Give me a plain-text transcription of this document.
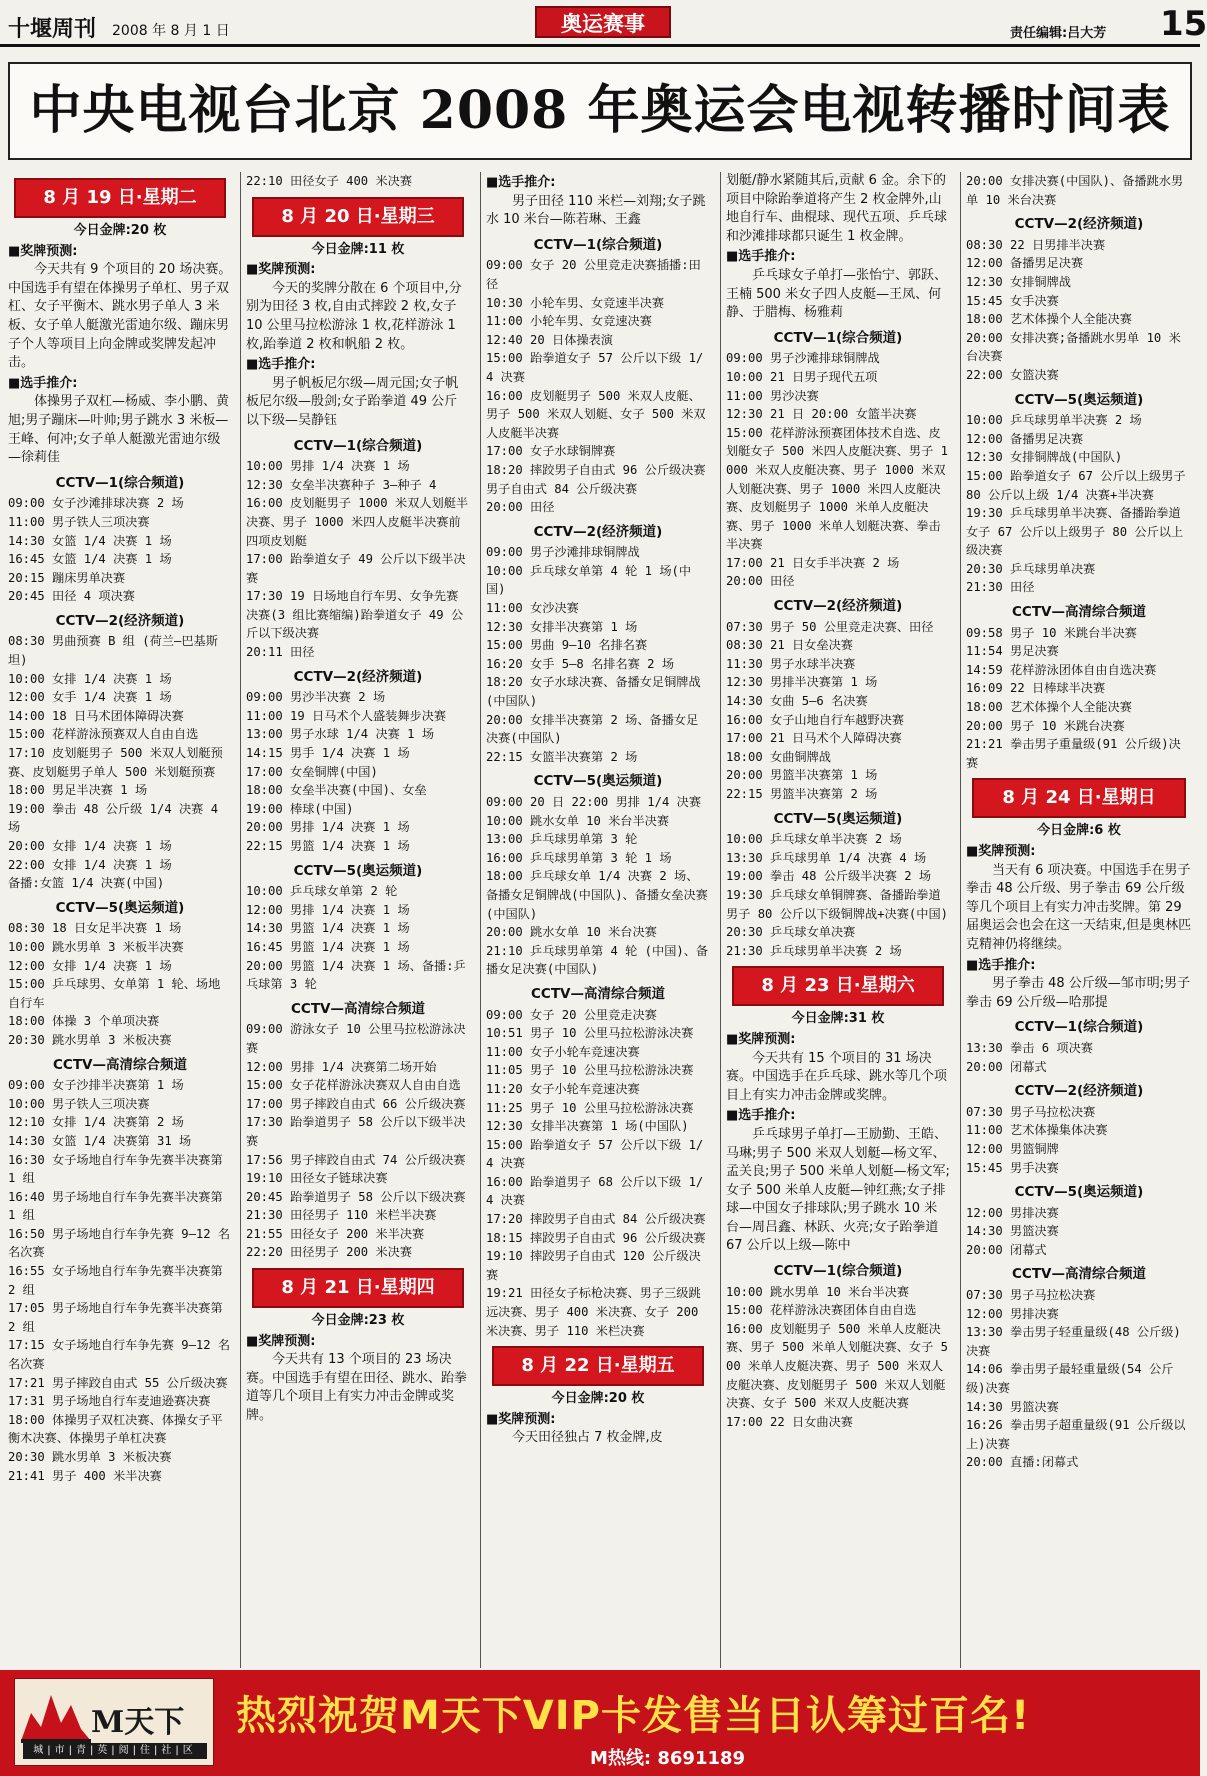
十堰周刊 2008 年 8 月 1 日	奥运赛事	责任编辑:吕大芳 15
中央电视台北京 2008 年奥运会电视转播时间表
8 月 19 日·星期二
今日金牌:20 枚
■奖牌预测:
今天共有 9 个项目的 20 场决赛。中国选手有望在体操男子单杠、男子双杠、女子平衡木、跳水男子单人 3 米板、女子单人艇激光雷迪尔级、蹦床男子个人等项目上向金牌或奖牌发起冲击。
■选手推介:
体操男子双杠—杨威、李小鹏、黄旭;男子蹦床—叶帅;男子跳水 3 米板—王峰、何冲;女子单人艇激光雷迪尔级—徐莉佳
CCTV—1(综合频道)
09:00 女子沙滩排球决赛 2 场
11:00 男子铁人三项决赛
14:30 女篮 1/4 决赛 1 场
16:45 女篮 1/4 决赛 1 场
20:15 蹦床男单决赛
20:45 田径 4 项决赛
CCTV—2(经济频道)
08:30 男曲预赛 B 组 (荷兰—巴基斯坦)
10:00 女排 1/4 决赛 1 场
12:00 女手 1/4 决赛 1 场
14:00 18 日马术团体障碍决赛
15:00 花样游泳预赛双人自由自选
17:10 皮划艇男子 500 米双人划艇预赛、皮划艇男子单人 500 米划艇预赛
18:00 男足半决赛 1 场
19:00 拳击 48 公斤级 1/4 决赛 4 场
20:00 女排 1/4 决赛 1 场
22:00 女排 1/4 决赛 1 场
备播:女篮 1/4 决赛(中国)
CCTV—5(奥运频道)
08:30 18 日女足半决赛 1 场
10:00 跳水男单 3 米板半决赛
12:00 女排 1/4 决赛 1 场
15:00 乒乓球男、女单第 1 轮、场地自行车
18:00 体操 3 个单项决赛
20:30 跳水男单 3 米板决赛
CCTV—高清综合频道
09:00 女子沙排半决赛第 1 场
10:00 男子铁人三项决赛
12:10 女排 1/4 决赛第 2 场
14:30 女篮 1/4 决赛第 31 场
16:30 女子场地自行车争先赛半决赛第 1 组
16:40 男子场地自行车争先赛半决赛第 1 组
16:50 男子场地自行车争先赛 9—12 名名次赛
16:55 女子场地自行车争先赛半决赛第 2 组
17:05 男子场地自行车争先赛半决赛第 2 组
17:15 女子场地自行车争先赛 9—12 名名次赛
17:21 男子摔跤自由式 55 公斤级决赛
17:31 男子场地自行车麦迪逊赛决赛
18:00 体操男子双杠决赛、体操女子平衡木决赛、体操男子单杠决赛
20:30 跳水男单 3 米板决赛
21:41 男子 400 米半决赛
22:10 田径女子 400 米决赛
8 月 20 日·星期三
今日金牌:11 枚
■奖牌预测:
今天的奖牌分散在 6 个项目中,分别为田径 3 枚,自由式摔跤 2 枚,女子 10 公里马拉松游泳 1 枚,花样游泳 1 枚,跆拳道 2 枚和帆船 2 枚。
■选手推介:
男子帆板尼尔级—周元国;女子帆板尼尔级—殷剑;女子跆拳道 49 公斤以下级—吴静钰
CCTV—1(综合频道)
10:00 男排 1/4 决赛 1 场
12:30 女垒半决赛种子 3—种子 4
16:00 皮划艇男子 1000 米双人划艇半决赛、男子 1000 米四人皮艇半决赛前四项皮划艇
17:00 跆拳道女子 49 公斤以下级半决赛
17:30 19 日场地自行车男、女争先赛决赛(3 组比赛缩编)跆拳道女子 49 公斤以下级决赛
20:11 田径
CCTV—2(经济频道)
09:00 男沙半决赛 2 场
11:00 19 日马术个人盛装舞步决赛
13:00 男子水球 1/4 决赛 1 场
14:15 男手 1/4 决赛 1 场
17:00 女垒铜牌(中国)
18:00 女垒半决赛(中国)、女垒
19:00 棒球(中国)
20:00 男排 1/4 决赛 1 场
22:15 男篮 1/4 决赛 1 场
CCTV—5(奥运频道)
10:00 乒乓球女单第 2 轮
12:00 男排 1/4 决赛 1 场
14:30 男篮 1/4 决赛 1 场
16:45 男篮 1/4 决赛 1 场
20:00 男篮 1/4 决赛 1 场、备播:乒乓球第 3 轮
CCTV—高清综合频道
09:00 游泳女子 10 公里马拉松游泳决赛
12:00 男排 1/4 决赛第二场开始
15:00 女子花样游泳决赛双人自由自选
17:00 男子摔跤自由式 66 公斤级决赛
17:30 跆拳道男子 58 公斤以下级半决赛
17:56 男子摔跤自由式 74 公斤级决赛
19:10 田径女子链球决赛
20:45 跆拳道男子 58 公斤以下级决赛
21:30 田径男子 110 米栏半决赛
21:55 田径女子 200 米半决赛
22:20 田径男子 200 米决赛
8 月 21 日·星期四
今日金牌:23 枚
■奖牌预测:
今天共有 13 个项目的 23 场决赛。中国选手有望在田径、跳水、跆拳道等几个项目上有实力冲击金牌或奖牌。
■选手推介:
男子田径 110 米栏—刘翔;女子跳水 10 米台—陈若琳、王鑫
CCTV—1(综合频道)
09:00 女子 20 公里竞走决赛插播:田径
10:30 小轮车男、女竞速半决赛
11:00 小轮车男、女竞速决赛
12:40 20 日体操表演
15:00 跆拳道女子 57 公斤以下级 1/4 决赛
16:00 皮划艇男子 500 米双人皮艇、男子 500 米双人划艇、女子 500 米双人皮艇半决赛
17:00 女子水球铜牌赛
18:20 摔跤男子自由式 96 公斤级决赛男子自由式 84 公斤级决赛
20:00 田径
CCTV—2(经济频道)
09:00 男子沙滩排球铜牌战
10:00 乒乓球女单第 4 轮 1 场(中国)
11:00 女沙决赛
12:30 女排半决赛第 1 场
15:00 男曲 9—10 名排名赛
16:20 女手 5—8 名排名赛 2 场
18:20 女子水球决赛、备播女足铜牌战(中国队)
20:00 女排半决赛第 2 场、备播女足决赛(中国队)
22:15 女篮半决赛第 2 场
CCTV—5(奥运频道)
09:00 20 日 22:00 男排 1/4 决赛
10:00 跳水女单 10 米台半决赛
13:00 乒乓球男单第 3 轮
16:00 乒乓球男单第 3 轮 1 场
18:00 乒乓球女单 1/4 决赛 2 场、备播女足铜牌战(中国队)、备播女垒决赛(中国队)
20:00 跳水女单 10 米台决赛
21:10 乒乓球男单第 4 轮 (中国)、备播女足决赛(中国队)
CCTV—高清综合频道
09:00 女子 20 公里竞走决赛
10:51 男子 10 公里马拉松游泳决赛
11:00 女子小轮车竞速决赛
11:05 男子 10 公里马拉松游泳决赛
11:20 女子小轮车竞速决赛
11:25 男子 10 公里马拉松游泳决赛
12:30 女排半决赛第 1 场(中国队)
15:00 跆拳道女子 57 公斤以下级 1/4 决赛
16:00 跆拳道男子 68 公斤以下级 1/4 决赛
17:20 摔跤男子自由式 84 公斤级决赛
18:15 摔跤男子自由式 96 公斤级决赛
19:10 摔跤男子自由式 120 公斤级决赛
19:21 田径女子标枪决赛、男子三级跳远决赛、男子 400 米决赛、女子 200 米决赛、男子 110 米栏决赛
8 月 22 日·星期五
今日金牌:20 枚
■奖牌预测:
今天田径独占 7 枚金牌,皮
划艇/静水紧随其后,贡献 6 金。余下的项目中除跆拳道将产生 2 枚金牌外,山地自行车、曲棍球、现代五项、乒乓球和沙滩排球都只诞生 1 枚金牌。
■选手推介:
乒乓球女子单打—张怡宁、郭跃、王楠 500 米女子四人皮艇—王凤、何静、于腊梅、杨雅莉
CCTV—1(综合频道)
09:00 男子沙滩排球铜牌战
10:00 21 日男子现代五项
11:00 男沙决赛
12:30 21 日 20:00 女篮半决赛
15:00 花样游泳预赛团体技术自选、皮划艇女子 500 米四人皮艇决赛、男子 1000 米双人皮艇决赛、男子 1000 米双人划艇决赛、男子 1000 米四人皮艇决赛、皮划艇男子 1000 米单人皮艇决赛、男子 1000 米单人划艇决赛、拳击半决赛
17:00 21 日女手半决赛 2 场
20:00 田径
CCTV—2(经济频道)
07:30 男子 50 公里竞走决赛、田径
08:30 21 日女垒决赛
11:30 男子水球半决赛
12:30 男排半决赛第 1 场
14:30 女曲 5—6 名决赛
16:00 女子山地自行车越野决赛
17:00 21 日马术个人障碍决赛
18:00 女曲铜牌战
20:00 男篮半决赛第 1 场
22:15 男篮半决赛第 2 场
CCTV—5(奥运频道)
10:00 乒乓球女单半决赛 2 场
13:30 乒乓球男单 1/4 决赛 4 场
19:00 拳击 48 公斤级半决赛 2 场
19:30 乒乓球女单铜牌赛、备播跆拳道男子 80 公斤以下级铜牌战+决赛(中国)
20:30 乒乓球女单决赛
21:30 乒乓球男单半决赛 2 场
8 月 23 日·星期六
今日金牌:31 枚
■奖牌预测:
今天共有 15 个项目的 31 场决赛。中国选手在乒乓球、跳水等几个项目上有实力冲击金牌或奖牌。
■选手推介:
乒乓球男子单打—王励勤、王皓、马琳;男子 500 米双人划艇—杨文军、孟关良;男子 500 米单人划艇—杨文军;女子 500 米单人皮艇—钟红燕;女子排球—中国女子排球队;男子跳水 10 米台—周吕鑫、林跃、火亮;女子跆拳道 67 公斤以上级—陈中
CCTV—1(综合频道)
10:00 跳水男单 10 米台半决赛
15:00 花样游泳决赛团体自由自选
16:00 皮划艇男子 500 米单人皮艇决赛、男子 500 米单人划艇决赛、女子 500 米单人皮艇决赛、男子 500 米双人皮艇决赛、皮划艇男子 500 米双人划艇决赛、女子 500 米双人皮艇决赛
17:00 22 日女曲决赛
20:00 女排决赛(中国队)、备播跳水男单 10 米台决赛
CCTV—2(经济频道)
08:30 22 日男排半决赛
12:00 备播男足决赛
12:30 女排铜牌战
15:45 女手决赛
18:00 艺术体操个人全能决赛
20:00 女排决赛;备播跳水男单 10 米台决赛
22:00 女篮决赛
CCTV—5(奥运频道)
10:00 乒乓球男单半决赛 2 场
12:00 备播男足决赛
12:30 女排铜牌战(中国队)
15:00 跆拳道女子 67 公斤以上级男子 80 公斤以上级 1/4 决赛+半决赛
19:30 乒乓球男单半决赛、备播跆拳道女子 67 公斤以上级男子 80 公斤以上级决赛
20:30 乒乓球男单决赛
21:30 田径
CCTV—高清综合频道
09:58 男子 10 米跳台半决赛
11:54 男足决赛
14:59 花样游泳团体自由自选决赛
16:09 22 日棒球半决赛
18:00 艺术体操个人全能决赛
20:00 男子 10 米跳台决赛
21:21 拳击男子重量级(91 公斤级)决赛
8 月 24 日·星期日
今日金牌:6 枚
■奖牌预测:
当天有 6 项决赛。中国选手在男子拳击 48 公斤级、男子拳击 69 公斤级等几个项目上有实力冲击奖牌。第 29 届奥运会也会在这一天结束,但是奥林匹克精神仍将继续。
■选手推介:
男子拳击 48 公斤级—邹市明;男子拳击 69 公斤级—哈那提
CCTV—1(综合频道)
13:30 拳击 6 项决赛
20:00 闭幕式
CCTV—2(经济频道)
07:30 男子马拉松决赛
11:00 艺术体操集体决赛
12:00 男篮铜牌
15:45 男手决赛
CCTV—5(奥运频道)
12:00 男排决赛
14:30 男篮决赛
20:00 闭幕式
CCTV—高清综合频道
07:30 男子马拉松决赛
12:00 男排决赛
13:30 拳击男子轻重量级(48 公斤级)决赛
14:06 拳击男子最轻重量级(54 公斤级)决赛
14:30 男篮决赛
16:26 拳击男子超重量级(91 公斤级以上)决赛
20:00 直播:闭幕式
M天下
城|市|青|英|阅|住|社|区
热烈祝贺M天下VIP卡发售当日认筹过百名!
M热线: 8691189
